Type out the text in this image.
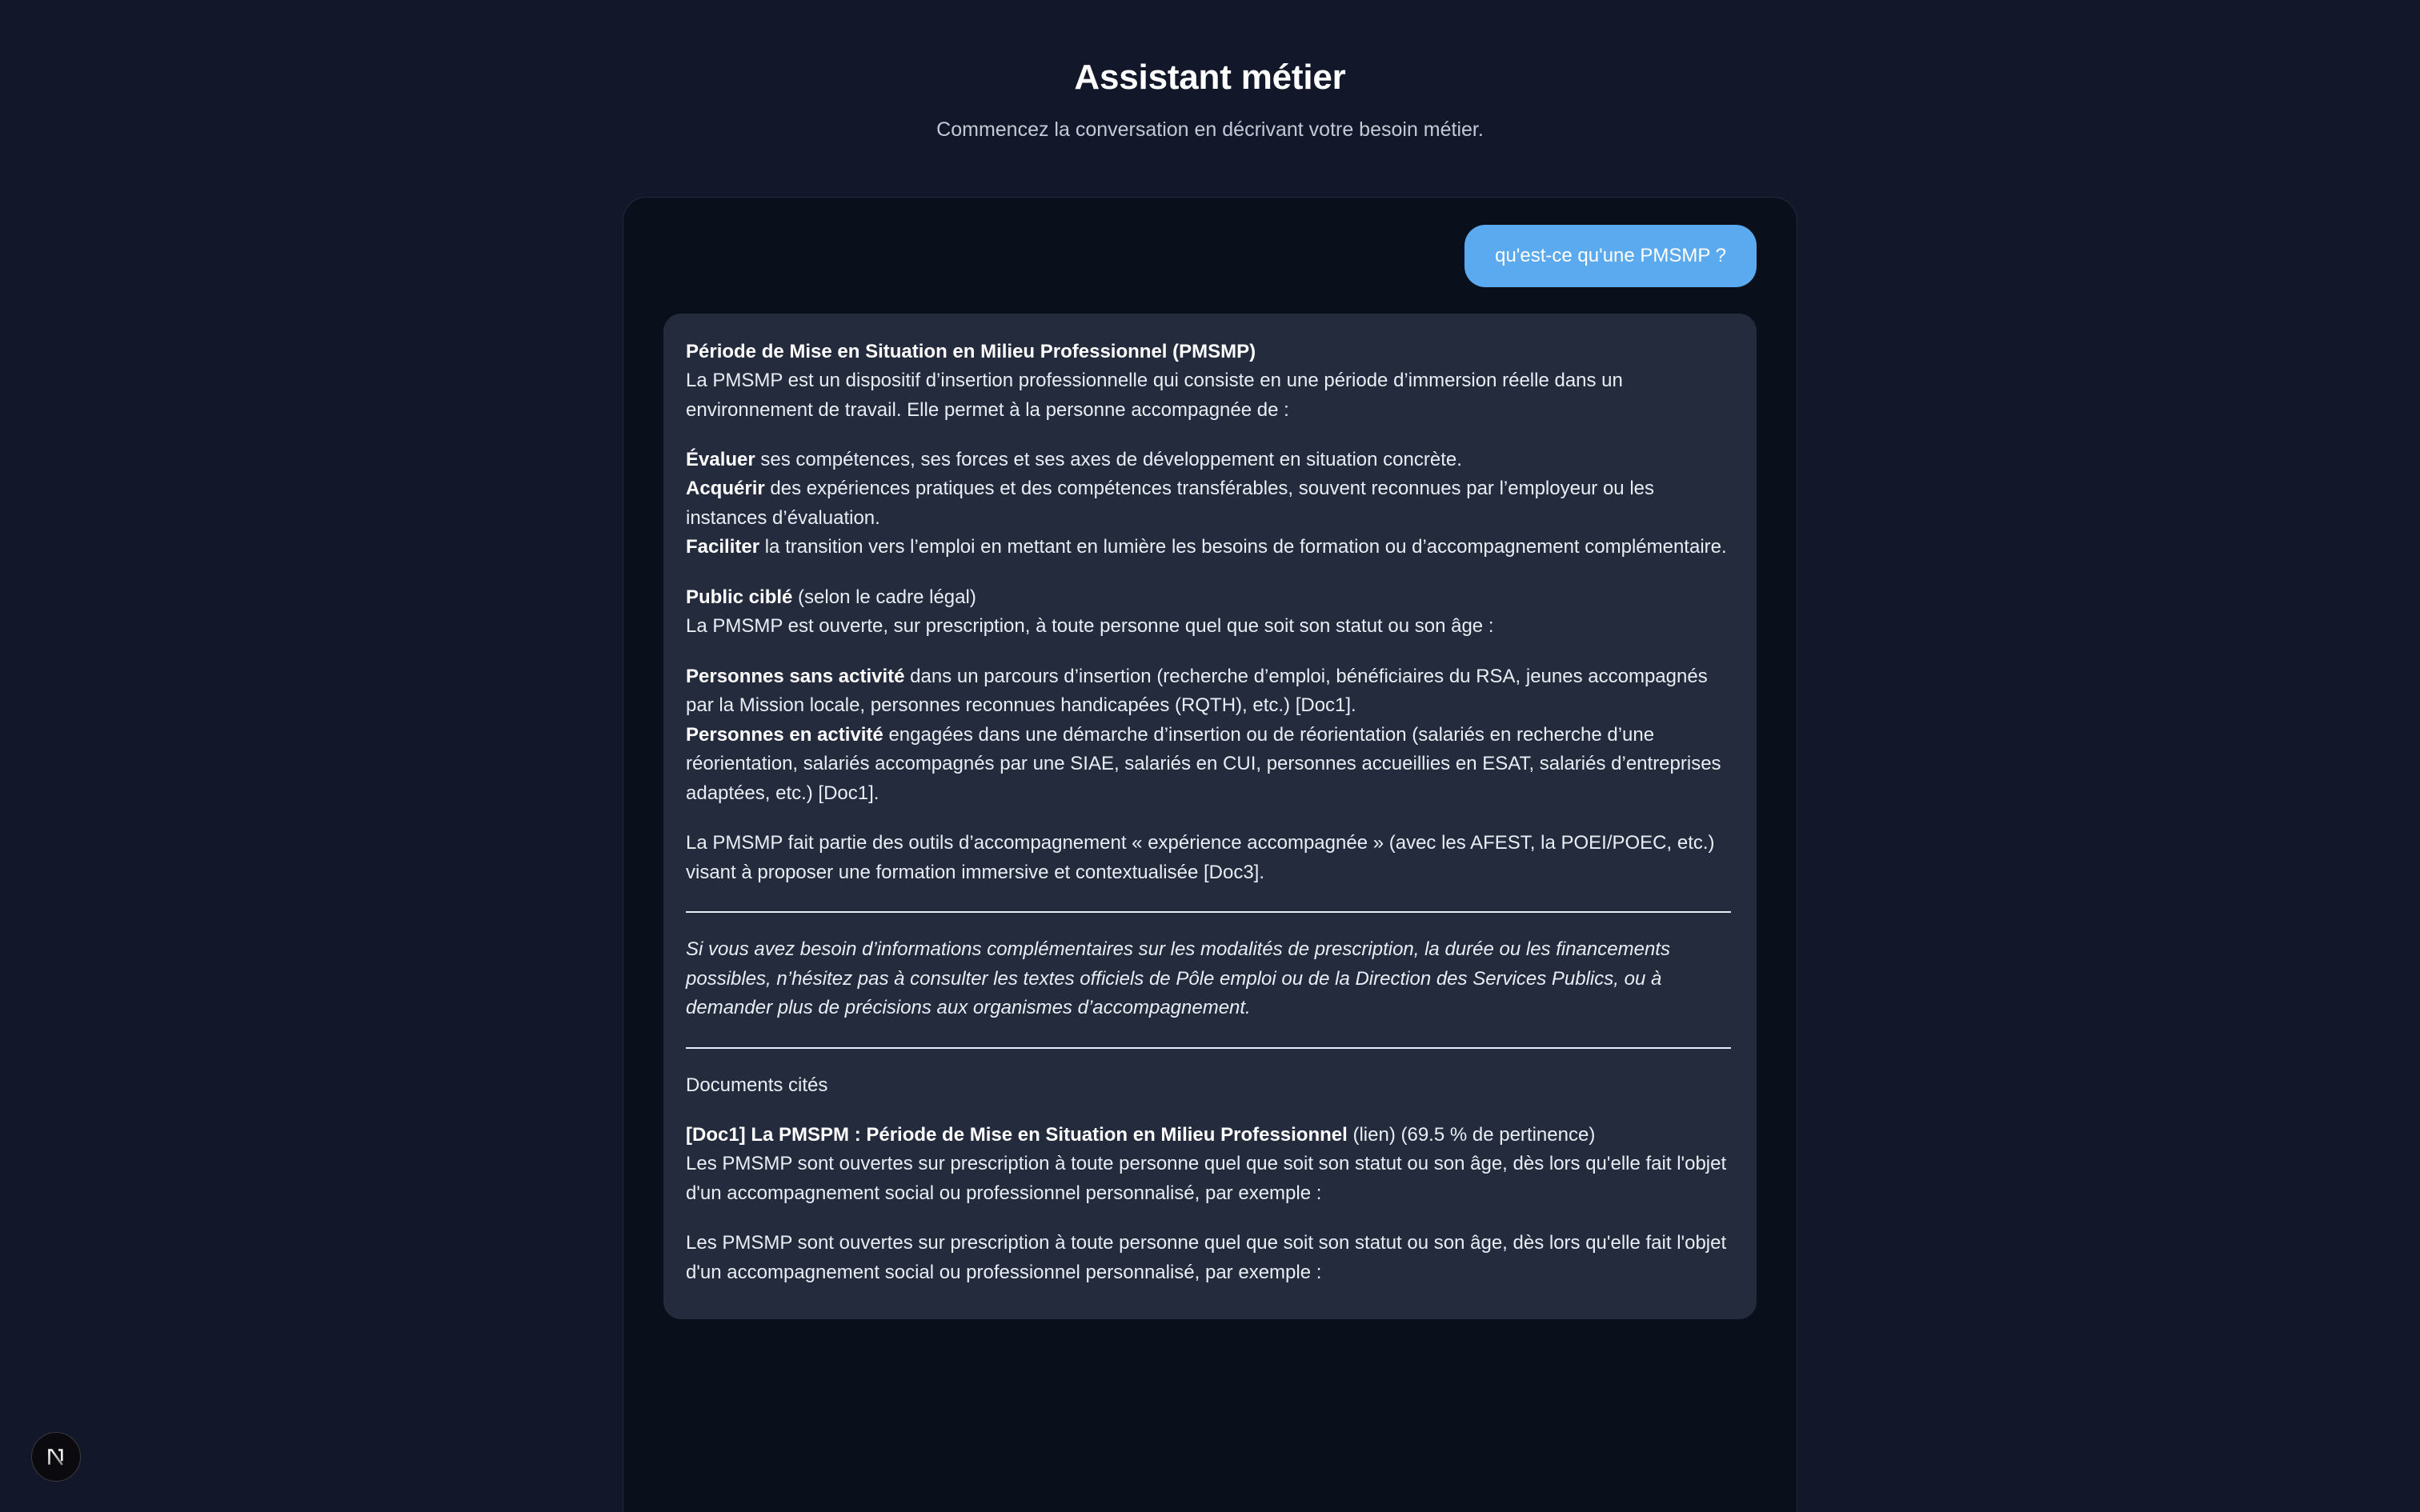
Assistant métier

Commencez la conversation en décrivant votre besoin métier.

qu'est-ce qu'une PMSMP ?

Période de Mise en Situation en Milieu Professionnel (PMSMP)

La PMSMP est un dispositif d’insertion professionnelle qui consiste en une période d’immersion réelle dans un environnement de travail. Elle permet à la personne accompagnée de :

Évaluer ses compétences, ses forces et ses axes de développement en situation concrète.

Acquérir des expériences pratiques et des compétences transférables, souvent reconnues par l’employeur ou les instances d’évaluation.

Faciliter la transition vers l’emploi en mettant en lumière les besoins de formation ou d’accompagnement complémentaire.

Public ciblé (selon le cadre légal)

La PMSMP est ouverte, sur prescription, à toute personne quel que soit son statut ou son âge :

Personnes sans activité dans un parcours d’insertion (recherche d’emploi, bénéficiaires du RSA, jeunes accompagnés par la Mission locale, personnes reconnues handicapées (RQTH), etc.) [Doc1].

Personnes en activité engagées dans une démarche d’insertion ou de réorientation (salariés en recherche d’une réorientation, salariés accompagnés par une SIAE, salariés en CUI, personnes accueillies en ESAT, salariés d’entreprises adaptées, etc.) [Doc1].

La PMSMP fait partie des outils d’accompagnement « expérience accompagnée » (avec les AFEST, la POEI/POEC, etc.) visant à proposer une formation immersive et contextualisée [Doc3].

Si vous avez besoin d’informations complémentaires sur les modalités de prescription, la durée ou les financements possibles, n’hésitez pas à consulter les textes officiels de Pôle emploi ou de la Direction des Services Publics, ou à demander plus de précisions aux organismes d’accompagnement.

Documents cités

[Doc1] La PMSPM : Période de Mise en Situation en Milieu Professionnel (lien) (69.5 % de pertinence)

Les PMSMP sont ouvertes sur prescription à toute personne quel que soit son statut ou son âge, dès lors qu'elle fait l'objet d'un accompagnement social ou professionnel personnalisé, par exemple :

Les PMSMP sont ouvertes sur prescription à toute personne quel que soit son statut ou son âge, dès lors qu'elle fait l'objet d'un accompagnement social ou professionnel personnalisé, par exemple :
